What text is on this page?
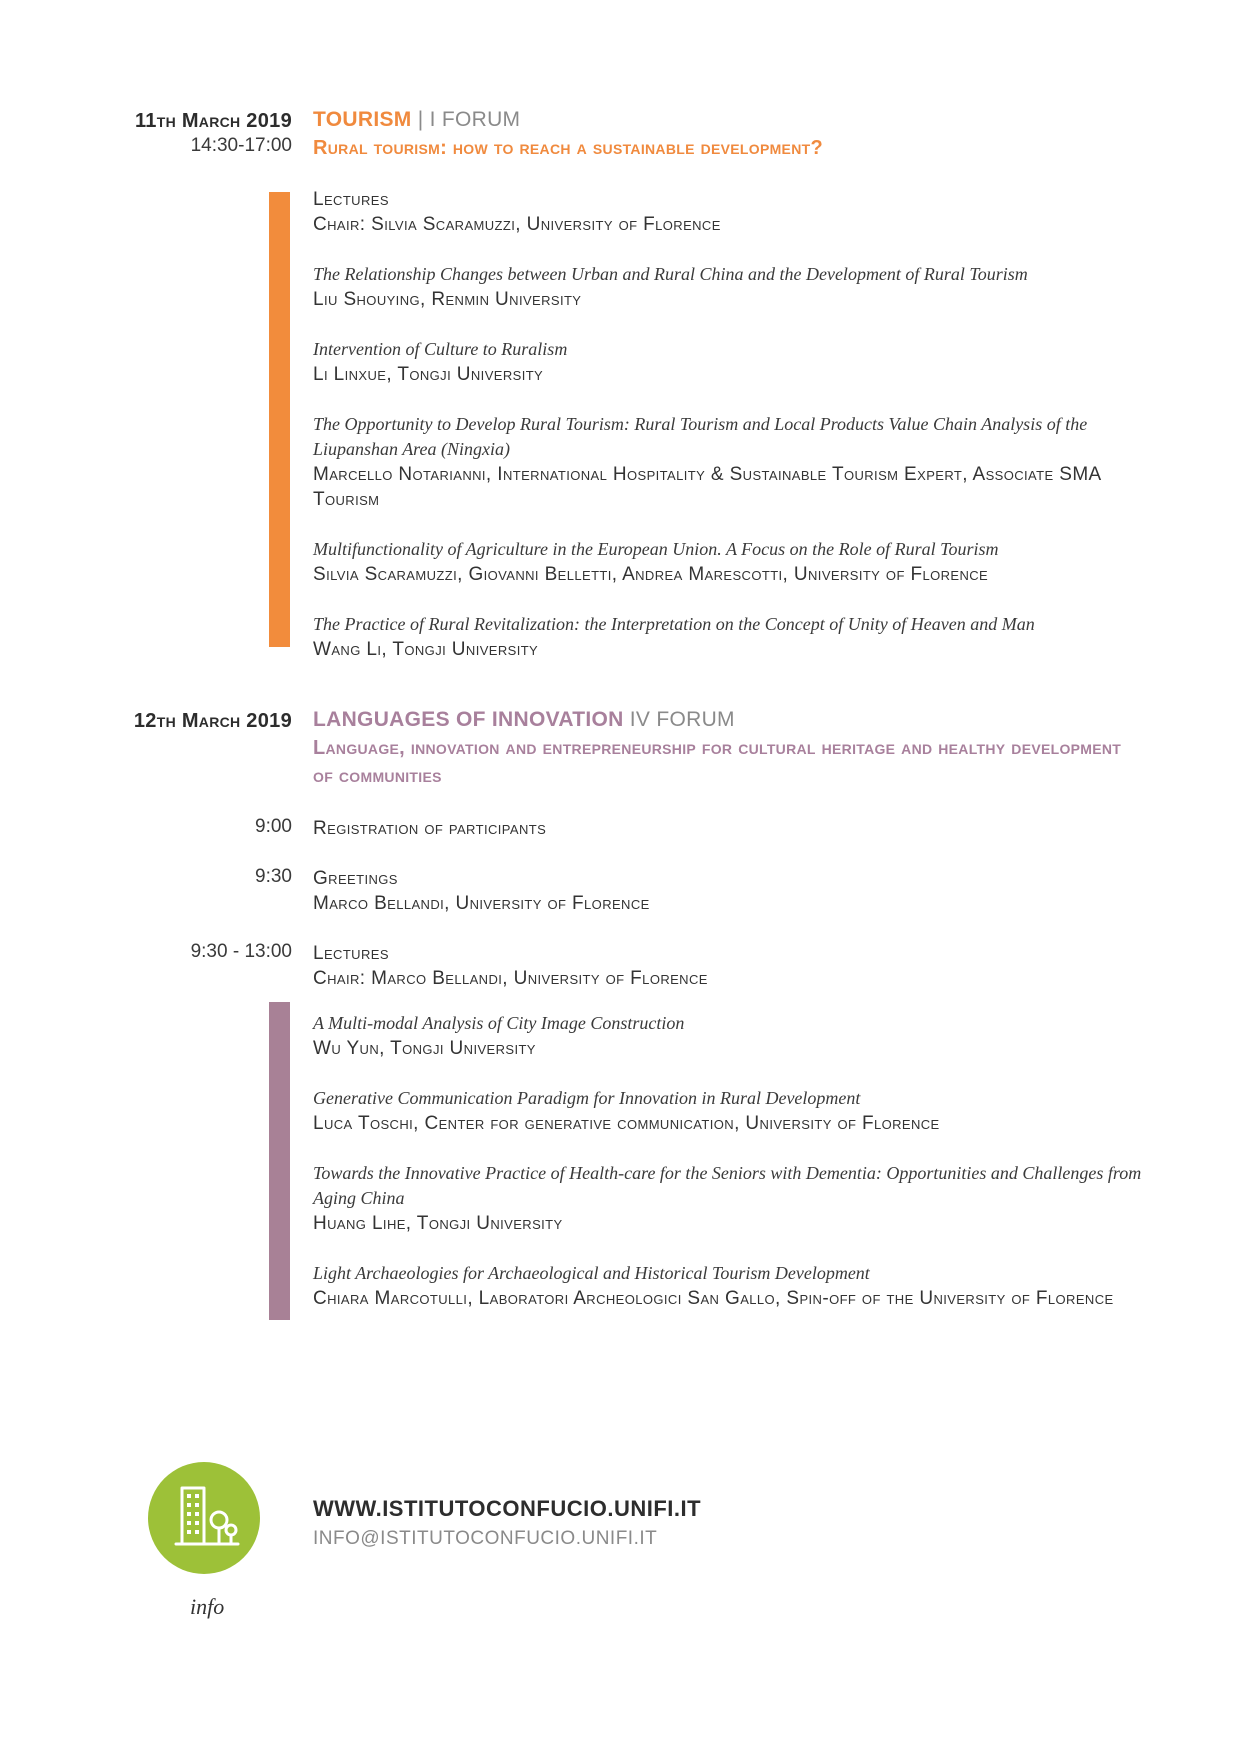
11th March 2019
14:30-17:00
TOURISM | I FORUM
Rural tourism: how to reach a sustainable development?
Lectures
Chair: Silvia Scaramuzzi, University of Florence
The Relationship Changes between Urban and Rural China and the Development of Rural Tourism
Liu Shouying, Renmin University
Intervention of Culture to Ruralism
Li Linxue, Tongji University
The Opportunity to Develop Rural Tourism: Rural Tourism and Local Products Value Chain Analysis of the Liupanshan Area (Ningxia)
Marcello Notarianni, International Hospitality & Sustainable Tourism Expert, Associate SMA Tourism
Multifunctionality of Agriculture in the European Union. A Focus on the Role of Rural Tourism
Silvia Scaramuzzi, Giovanni Belletti, Andrea Marescotti, University of Florence
The Practice of Rural Revitalization: the Interpretation on the Concept of Unity of Heaven and Man
Wang Li, Tongji University
12th March 2019 LANGUAGES OF INNOVATION IV FORUM
Language, innovation and entrepreneurship for cultural heritage and healthy development of communities
9:00 Registration of participants
9:30 Greetings
Marco Bellandi, University of Florence
9:30 - 13:00 Lectures
Chair: Marco Bellandi, University of Florence
A Multi-modal Analysis of City Image Construction
Wu Yun, Tongji University
Generative Communication Paradigm for Innovation in Rural Development
Luca Toschi, Center for generative communication, University of Florence
Towards the Innovative Practice of Health-care for the Seniors with Dementia: Opportunities and Challenges from Aging China
Huang Lihe, Tongji University
Light Archaeologies for Archaeological and Historical Tourism Development
Chiara Marcotulli, Laboratori Archeologici San Gallo, Spin-off of the University of Florence
info
WWW.ISTITUTOCONFUCIO.UNIFI.IT
INFO@ISTITUTOCONFUCIO.UNIFI.IT
